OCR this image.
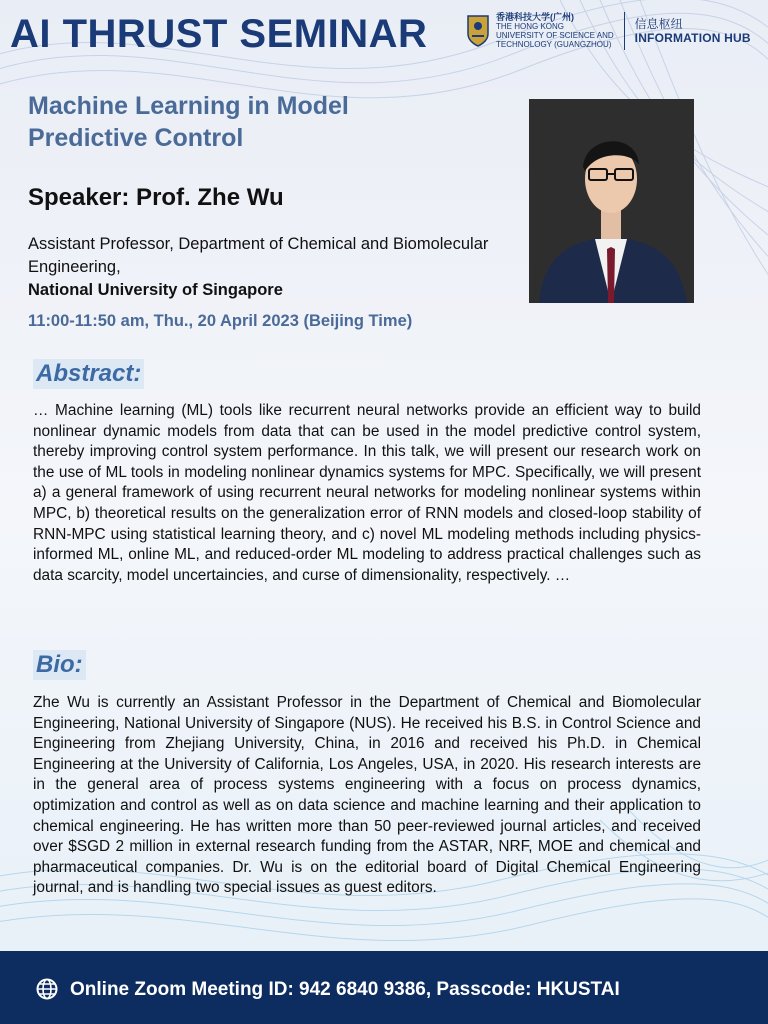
AI THRUST SEMINAR	香港科技大学(广州)
THE HONG KONG
UNIVERSITY OF SCIENCE AND
TECHNOLOGY (GUANGZHOU)
信息枢纽
INFORMATION HUB
Machine Learning in Model Predictive Control
Speaker: Prof. Zhe Wu
Assistant Professor, Department of Chemical and Biomolecular Engineering,
National University of Singapore
11:00-11:50 am, Thu., 20 April 2023 (Beijing Time)
Abstract:
… Machine learning (ML) tools like recurrent neural networks provide an efficient way to build nonlinear dynamic models from data that can be used in the model predictive control system, thereby improving control system performance. In this talk, we will present our research work on the use of ML tools in modeling nonlinear dynamics systems for MPC. Specifically, we will present a) a general framework of using recurrent neural networks for modeling nonlinear systems within MPC, b) theoretical results on the generalization error of RNN models and closed-loop stability of RNN-MPC using statistical learning theory, and c) novel ML modeling methods including physics-informed ML, online ML, and reduced-order ML modeling to address practical challenges such as data scarcity, model uncertaincies, and curse of dimensionality, respectively. …
Bio:
Zhe Wu is currently an Assistant Professor in the Department of Chemical and Biomolecular Engineering, National University of Singapore (NUS). He received his B.S. in Control Science and Engineering from Zhejiang University, China, in 2016 and received his Ph.D. in Chemical Engineering at the University of California, Los Angeles, USA, in 2020. His research interests are in the general area of process systems engineering with a focus on process dynamics, optimization and control as well as on data science and machine learning and their application to chemical engineering. He has written more than 50 peer-reviewed journal articles, and received over $SGD 2 million in external research funding from the ASTAR, NRF, MOE and chemical and pharmaceutical companies. Dr. Wu is on the editorial board of Digital Chemical Engineering journal, and is handling two special issues as guest editors.
Online Zoom Meeting ID: 942 6840 9386, Passcode: HKUSTAI
